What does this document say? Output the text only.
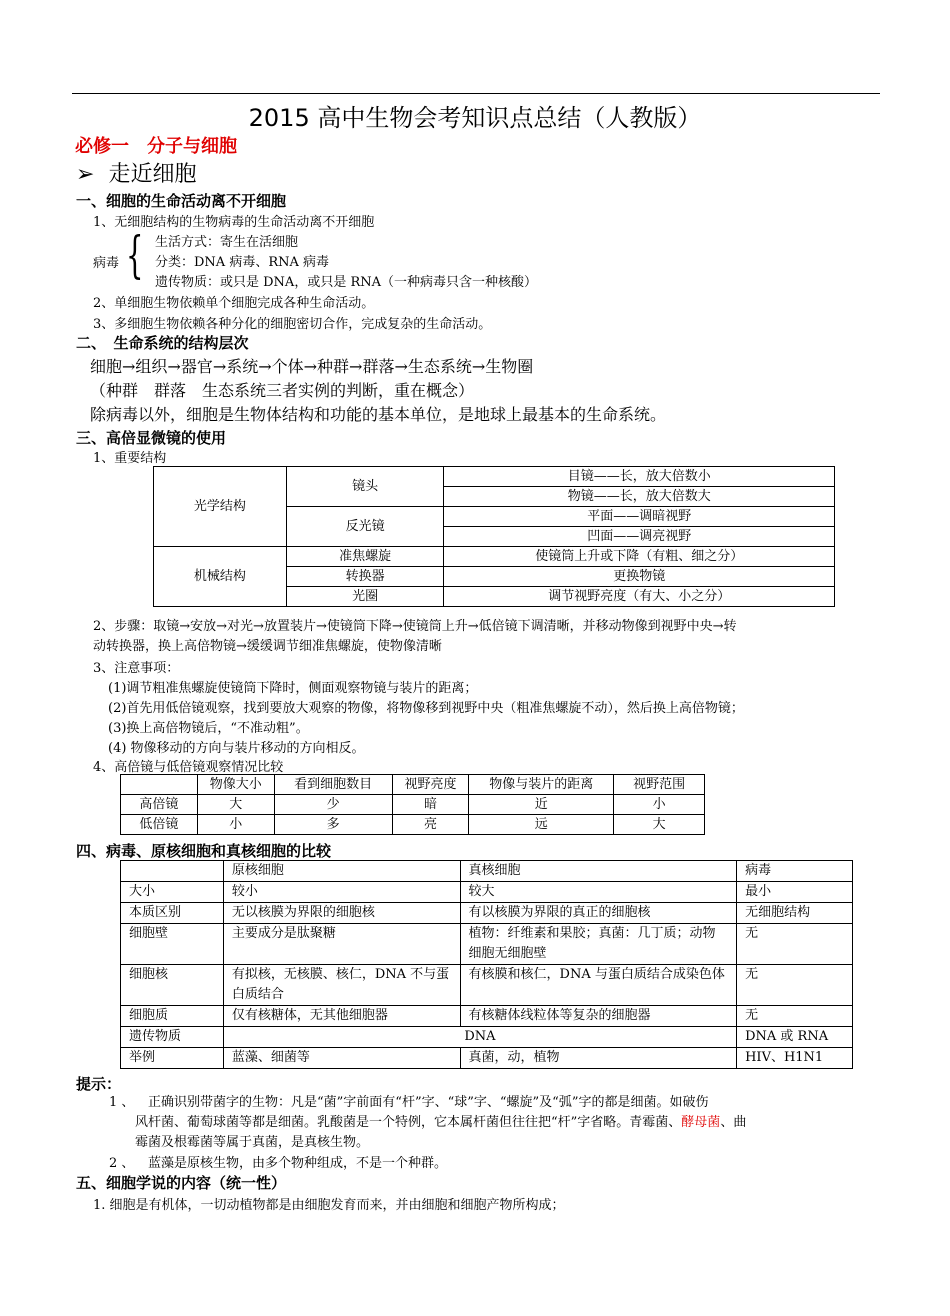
2015 高中生物会考知识点总结（人教版）
必修一　分子与细胞
➢ 走近细胞
一、细胞的生命活动离不开细胞
1、无细胞结构的生物病毒的生命活动离不开细胞
病毒 { 生活方式：寄生在活细胞
分类：DNA 病毒、RNA 病毒
遗传物质：或只是 DNA，或只是 RNA（一种病毒只含一种核酸）
2、单细胞生物依赖单个细胞完成各种生命活动。
3、多细胞生物依赖各种分化的细胞密切合作，完成复杂的生命活动。
二、　生命系统的结构层次
细胞→组织→器官→系统→个体→种群→群落→生态系统→生物圈
（种群　群落　生态系统三者实例的判断，重在概念）
除病毒以外，细胞是生物体结构和功能的基本单位，是地球上最基本的生命系统。
三、高倍显微镜的使用
1、重要结构
光学结构	镜头	目镜——长，放大倍数小
		物镜——长，放大倍数大
	反光镜	平面——调暗视野
		凹面——调亮视野
机械结构	准焦螺旋	使镜筒上升或下降（有粗、细之分）
	转换器	更换物镜
	光圈	调节视野亮度（有大、小之分）
2、步骤：取镜→安放→对光→放置装片→使镜筒下降→使镜筒上升→低倍镜下调清晰，并移动物像到视野中央→转
动转换器，换上高倍物镜→缓缓调节细准焦螺旋，使物像清晰
3、注意事项：
(1)调节粗准焦螺旋使镜筒下降时，侧面观察物镜与装片的距离；
(2)首先用低倍镜观察，找到要放大观察的物像，将物像移到视野中央（粗准焦螺旋不动），然后换上高倍物镜；
(3)换上高倍物镜后，“不准动粗”。
(4) 物像移动的方向与装片移动的方向相反。
4、高倍镜与低倍镜观察情况比较
	物像大小	看到细胞数目	视野亮度	物像与装片的距离	视野范围
高倍镜	大	少	暗	近	小
低倍镜	小	多	亮	远	大
四、病毒、原核细胞和真核细胞的比较
	原核细胞	真核细胞	病毒
大小	较小	较大	最小
本质区别	无以核膜为界限的细胞核	有以核膜为界限的真正的细胞核	无细胞结构
细胞壁	主要成分是肽聚糖	植物：纤维素和果胶；真菌：几丁质；动物细胞无细胞壁	无
细胞核	有拟核，无核膜、核仁，DNA 不与蛋白质结合	有核膜和核仁，DNA 与蛋白质结合成染色体	无
细胞质	仅有核糖体，无其他细胞器	有核糖体线粒体等复杂的细胞器	无
遗传物质	DNA		DNA 或 RNA
举例	蓝藻、细菌等	真菌，动，植物	HIV、H1N1
提示：
1 、 正确识别带菌字的生物：凡是“菌”字前面有“杆”字、“球”字、“螺旋”及“弧”字的都是细菌。如破伤
风杆菌、葡萄球菌等都是细菌。乳酸菌是一个特例，它本属杆菌但往往把“杆”字省略。青霉菌、酵母菌、曲
霉菌及根霉菌等属于真菌，是真核生物。
2 、 蓝藻是原核生物，由多个物种组成，不是一个种群。
五、细胞学说的内容（统一性）
1. 细胞是有机体，一切动植物都是由细胞发育而来，并由细胞和细胞产物所构成；
